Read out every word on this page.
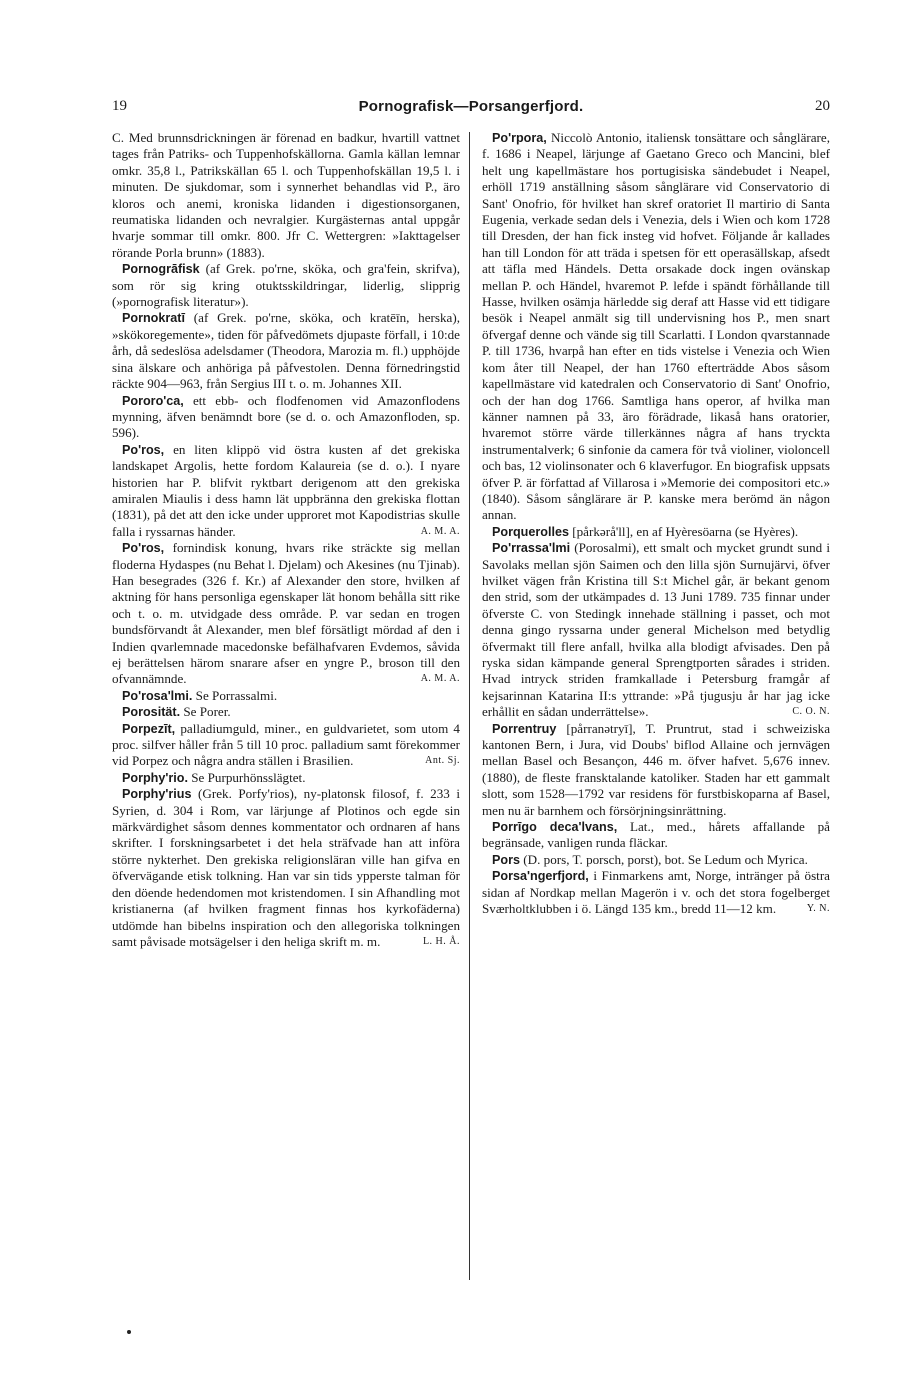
19	Pornografisk—Porsangerfjord.	20

C. Med brunnsdrickningen är förenad en badkur, hvartill vattnet tages från Patriks- och Tuppenhofskällorna. Gamla källan lemnar omkr. 35,8 l., Patrikskällan 65 l. och Tuppenhofskällan 19,5 l. i minuten. De sjukdomar, som i synnerhet behandlas vid P., äro kloros och anemi, kroniska lidanden i digestionsorganen, reumatiska lidanden och nevralgier. Kurgästernas antal uppgår hvarje sommar till omkr. 800. Jfr C. Wettergren: »Iakttagelser rörande Porla brunn» (1883).

Pornogrāfisk (af Grek. po'rne, sköka, och gra'fein, skrifva), som rör sig kring otuktsskildringar, liderlig, slipprig (»pornografisk literatur»).

Pornokratī (af Grek. po'rne, sköka, och kratēīn, herska), »skökoregemente», tiden för påfvedömets djupaste förfall, i 10:de årh, då sedeslösa adelsdamer (Theodora, Marozia m. fl.) upphöjde sina älskare och anhöriga på påfvestolen. Denna förnedringstid räckte 904—963, från Sergius III t. o. m. Johannes XII.

Pororo'ca, ett ebb- och flodfenomen vid Amazonflodens mynning, äfven benämndt bore (se d. o. och Amazonfloden, sp. 596).

Po'ros, en liten klippö vid östra kusten af det grekiska landskapet Argolis, hette fordom Kalaureia (se d. o.). I nyare historien har P. blifvit ryktbart derigenom att den grekiska amiralen Miaulis i dess hamn lät uppbränna den grekiska flottan (1831), på det att den icke under upproret mot Kapodistrias skulle falla i ryssarnas händer.	A. M. A.

Po'ros, fornindisk konung, hvars rike sträckte sig mellan floderna Hydaspes (nu Behat l. Djelam) och Akesines (nu Tjinab). Han besegrades (326 f. Kr.) af Alexander den store, hvilken af aktning för hans personliga egenskaper lät honom behålla sitt rike och t. o. m. utvidgade dess område. P. var sedan en trogen bundsförvandt åt Alexander, men blef försätligt mördad af den i Indien qvarlemnade macedonske befälhafvaren Evdemos, såvida ej berättelsen härom snarare afser en yngre P., broson till den ofvannämnde.	A. M. A.

Po'rosa'lmi. Se Porrassalmi.

Porosität. Se Porer.

Porpezīt, palladiumguld, miner., en guldvarietet, som utom 4 proc. silfver håller från 5 till 10 proc. palladium samt förekommer vid Porpez och några andra ställen i Brasilien.	Ant. Sj.

Porphy'rio. Se Purpurhönsslägtet.

Porphy'rius (Grek. Porfy'rios), ny-platonsk filosof, f. 233 i Syrien, d. 304 i Rom, var lärjunge af Plotinos och egde sin märkvärdighet såsom dennes kommentator och ordnaren af hans skrifter. I forskningsarbetet i det hela sträfvade han att införa större nykterhet. Den grekiska religionsläran ville han gifva en öfvervägande etisk tolkning. Han var sin tids ypperste talman för den döende hedendomen mot kristendomen. I sin Afhandling mot kristianerna (af hvilken fragment finnas hos kyrkofäderna) utdömde han bibelns inspiration och den allegoriska tolkningen samt påvisade motsägelser i den heliga skrift m. m.	L. H. Å.

Po'rpora, Niccolò Antonio, italiensk tonsättare och sånglärare, f. 1686 i Neapel, lärjunge af Gaetano Greco och Mancini, blef helt ung kapellmästare hos portugisiska sändebudet i Neapel, erhöll 1719 anställning såsom sånglärare vid Conservatorio di Sant' Onofrio, för hvilket han skref oratoriet Il martirio di Santa Eugenia, verkade sedan dels i Venezia, dels i Wien och kom 1728 till Dresden, der han fick insteg vid hofvet. Följande år kallades han till London för att träda i spetsen för ett operasällskap, afsedt att täfla med Händels. Detta orsakade dock ingen ovänskap mellan P. och Händel, hvaremot P. lefde i spändt förhållande till Hasse, hvilken osämja härledde sig deraf att Hasse vid ett tidigare besök i Neapel anmält sig till undervisning hos P., men snart öfvergaf denne och vände sig till Scarlatti. I London qvarstannade P. till 1736, hvarpå han efter en tids vistelse i Venezia och Wien kom åter till Neapel, der han 1760 efterträdde Abos såsom kapellmästare vid katedralen och Conservatorio di Sant' Onofrio, och der han dog 1766. Samtliga hans operor, af hvilka man känner namnen på 33, äro förädrade, likaså hans oratorier, hvaremot större värde tillerkännes några af hans tryckta instrumentalverk; 6 sinfonie da camera för två violiner, violoncell och bas, 12 violinsonater och 6 klaverfugor. En biografisk uppsats öfver P. är författad af Villarosa i »Memorie dei compositori etc.» (1840). Såsom sånglärare är P. kanske mera berömd än någon annan.

Porquerolles [pårkərå'll], en af Hyèresöarna (se Hyères).

Po'rrassa'lmi (Porosalmi), ett smalt och mycket grundt sund i Savolaks mellan sjön Saimen och den lilla sjön Surnujärvi, öfver hvilket vägen från Kristina till S:t Michel går, är bekant genom den strid, som der utkämpades d. 13 Juni 1789. 735 finnar under öfverste C. von Stedingk innehade ställning i passet, och mot denna gingo ryssarna under general Michelson med betydlig öfvermakt till flere anfall, hvilka alla blodigt afvisades. Den på ryska sidan kämpande general Sprengtporten sårades i striden. Hvad intryck striden framkallade i Petersburg framgår af kejsarinnan Katarina II:s yttrande: »På tjugusju år har jag icke erhållit en sådan underrättelse».	C. O. N.

Porrentruy [pårranətryī], T. Pruntrut, stad i schweiziska kantonen Bern, i Jura, vid Doubs' biflod Allaine och jernvägen mellan Basel och Besançon, 446 m. öfver hafvet. 5,676 innev. (1880), de fleste fransktalande katoliker. Staden har ett gammalt slott, som 1528—1792 var residens för furstbiskoparna af Basel, men nu är barnhem och försörjningsinrättning.

Porrīgo deca'lvans, Lat., med., hårets affallande på begränsade, vanligen runda fläckar.

Pors (D. pors, T. porsch, porst), bot. Se Ledum och Myrica.

Porsa'ngerfjord, i Finmarkens amt, Norge, intränger på östra sidan af Nordkap mellan Magerön i v. och det stora fogelberget Sværholtklubben i ö. Längd 135 km., bredd 11—12 km.	Y. N.
